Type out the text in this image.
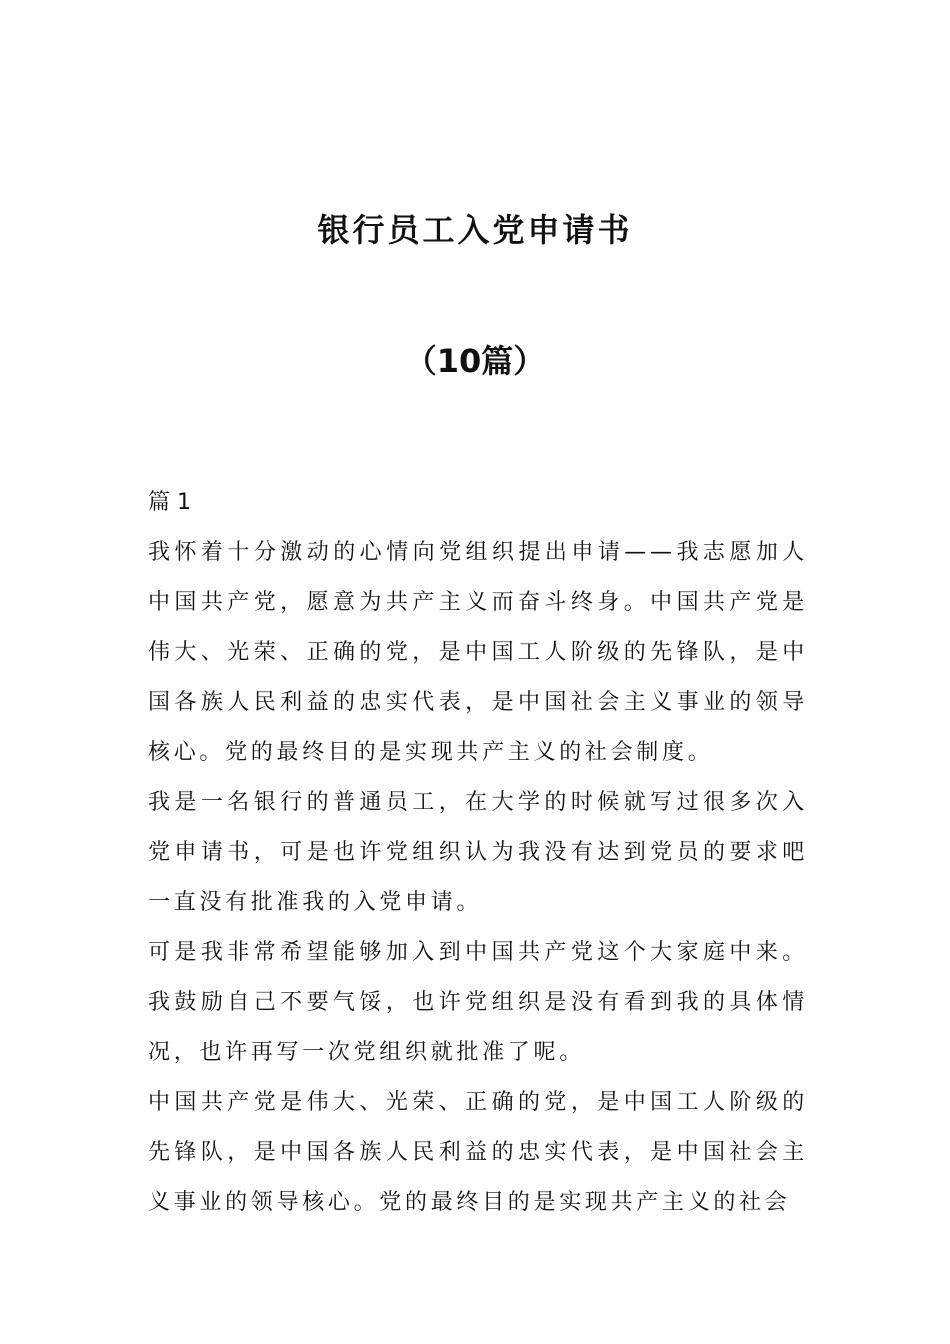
银行员工入党申请书
（10篇）

篇 1

我怀着十分激动的心情向党组织提出申请——我志愿加人中国共产党，愿意为共产主义而奋斗终身。中国共产党是伟大、光荣、正确的党，是中国工人阶级的先锋队，是中国各族人民利益的忠实代表，是中国社会主义事业的领导核心。党的最终目的是实现共产主义的社会制度。

我是一名银行的普通员工，在大学的时候就写过很多次入党申请书，可是也许党组织认为我没有达到党员的要求吧一直没有批准我的入党申请。

可是我非常希望能够加入到中国共产党这个大家庭中来。我鼓励自己不要气馁，也许党组织是没有看到我的具体情况，也许再写一次党组织就批准了呢。

中国共产党是伟大、光荣、正确的党，是中国工人阶级的先锋队，是中国各族人民利益的忠实代表，是中国社会主义事业的领导核心。党的最终目的是实现共产主义的社会
